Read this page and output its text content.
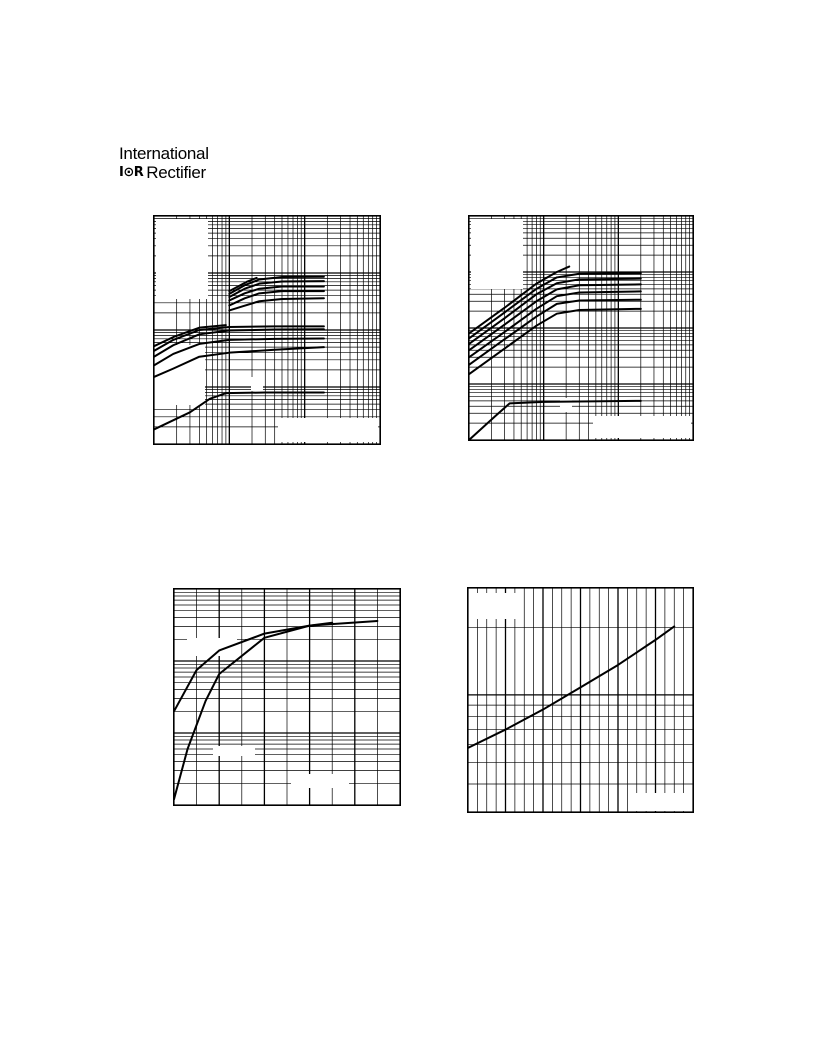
International
I⊙R Rectifier
